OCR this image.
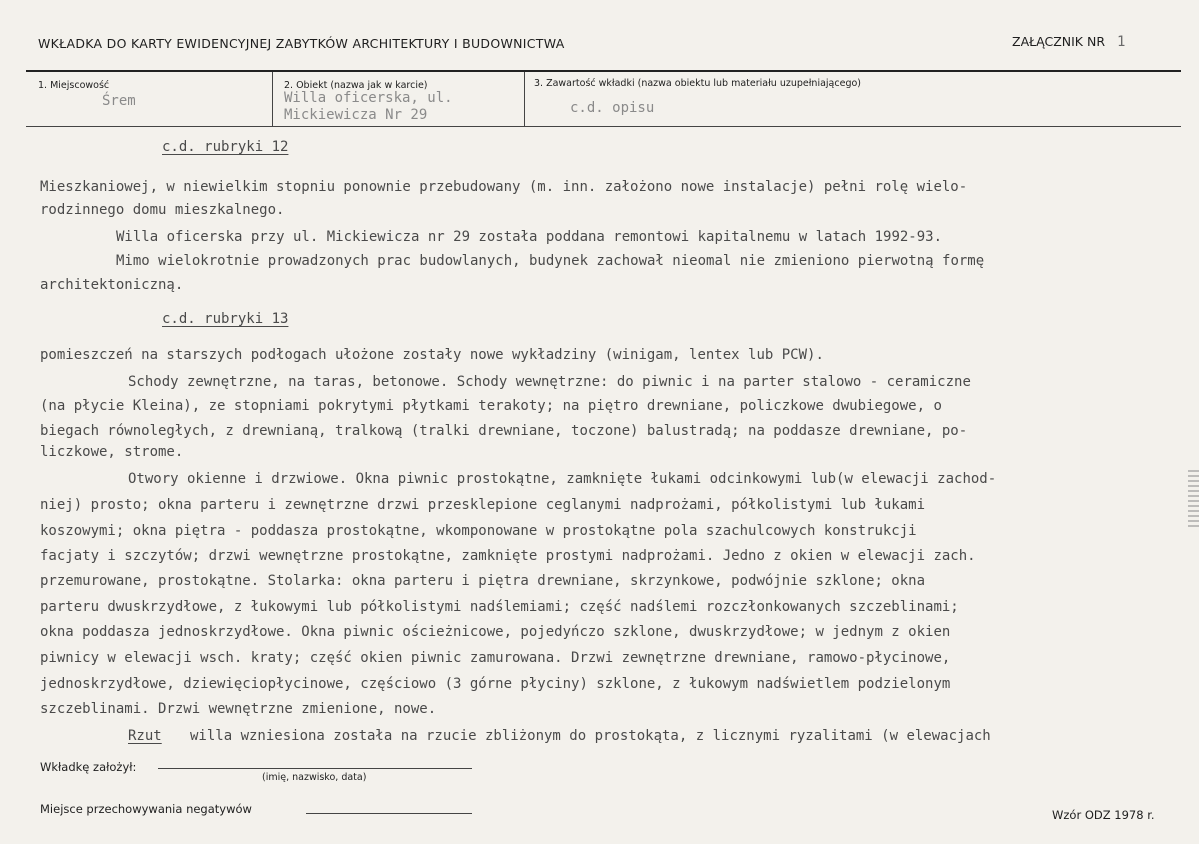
WKŁADKA DO KARTY EWIDENCYJNEJ ZABYTKÓW ARCHITEKTURY I BUDOWNICTWA	ZAŁĄCZNIK NR 1
1. Miejscowość
Śrem
2. Obiekt (nazwa jak w karcie)
Willa oficerska, ul.
Mickiewicza Nr 29
3. Zawartość wkładki (nazwa obiektu lub materiału uzupełniającego)
c.d. opisu
c.d. rubryki 12
Mieszkaniowej, w niewielkim stopniu ponownie przebudowany (m. inn. założono nowe instalacje) pełni rolę wielo-
rodzinnego domu mieszkalnego.
Willa oficerska przy ul. Mickiewicza nr 29 została poddana remontowi kapitalnemu w latach 1992-93.
Mimo wielokrotnie prowadzonych prac budowlanych, budynek zachował nieomal nie zmieniono pierwotną formę
architektoniczną.
c.d. rubryki 13
pomieszczeń na starszych podłogach ułożone zostały nowe wykładziny (winigam, lentex lub PCW).
Schody zewnętrzne, na taras, betonowe. Schody wewnętrzne: do piwnic i na parter stalowo - ceramiczne
(na płycie Kleina), ze stopniami pokrytymi płytkami terakoty; na piętro drewniane, policzkowe dwubiegowe, o
biegach równoległych, z drewnianą, tralkową (tralki drewniane, toczone) balustradą; na poddasze drewniane, po-
liczkowe, strome.
Otwory okienne i drzwiowe. Okna piwnic prostokątne, zamknięte łukami odcinkowymi lub(w elewacji zachod-
niej) prosto; okna parteru i zewnętrzne drzwi przesklepione ceglanymi nadprożami, półkolistymi lub łukami
koszowymi; okna piętra - poddasza prostokątne, wkomponowane w prostokątne pola szachulcowych konstrukcji
facjaty i szczytów; drzwi wewnętrzne prostokątne, zamknięte prostymi nadprożami. Jedno z okien w elewacji zach.
przemurowane, prostokątne. Stolarka: okna parteru i piętra drewniane, skrzynkowe, podwójnie szklone; okna
parteru dwuskrzydłowe, z łukowymi lub półkolistymi nadślemiami; część nadślemi rozczłonkowanych szczeblinami;
okna poddasza jednoskrzydłowe. Okna piwnic ościeżnicowe, pojedyńczo szklone, dwuskrzydłowe; w jednym z okien
piwnicy w elewacji wsch. kraty; część okien piwnic zamurowana. Drzwi zewnętrzne drewniane, ramowo-płycinowe,
jednoskrzydłowe, dziewięciopłycinowe, częściowo (3 górne płyciny) szklone, z łukowym nadświetlem podzielonym
szczeblinami. Drzwi wewnętrzne zmienione, nowe.
Rzut willa wzniesiona została na rzucie zbliżonym do prostokąta, z licznymi ryzalitami (w elewacjach
Wkładkę założył:
(imię, nazwisko, data)
Miejsce przechowywania negatywów	Wzór ODZ 1978 r.
